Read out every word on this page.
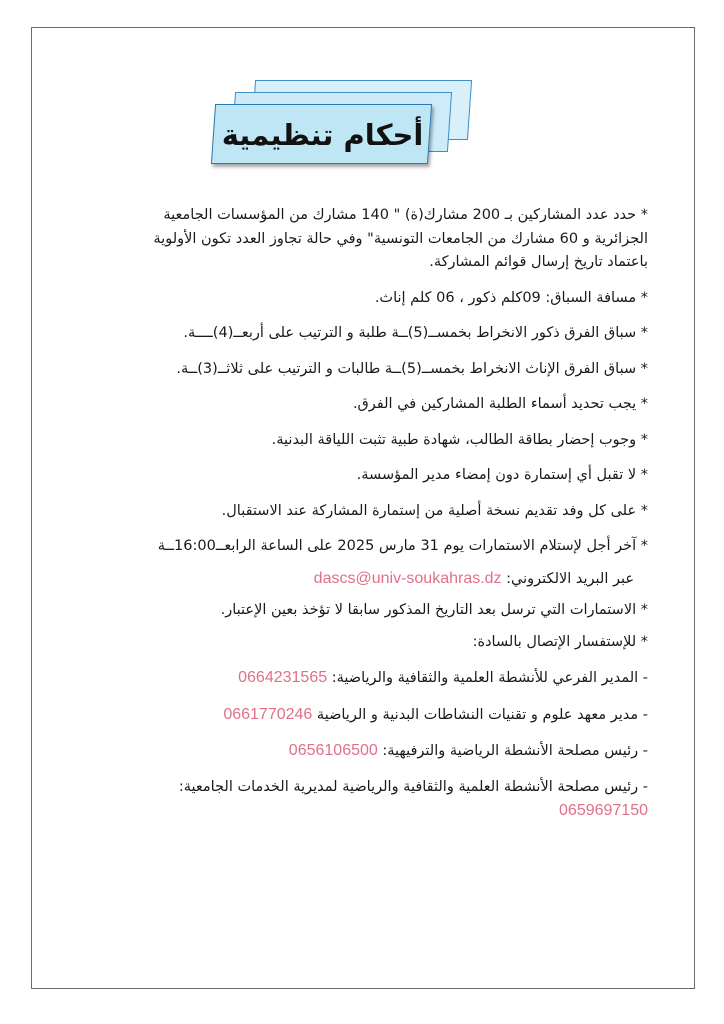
أحكام تنظيمية

* حدد عدد المشاركين بـ 200 مشارك(ة) " 140 مشارك من المؤسسات الجامعية
الجزائرية و 60 مشارك من الجامعات التونسية" وفي حالة تجاوز العدد تكون الأولوية
باعتماد تاريخ إرسال قوائم المشاركة.

* مسافة السباق: 09كلم ذكور ، 06 كلم إناث.

* سباق الفرق ذكور الانخراط بخمســ(5)ــة طلبة و الترتيب على أربعــ(4)ــــة.

* سباق الفرق الإناث الانخراط بخمســ(5)ــة طالبات و الترتيب على ثلاثــ(3)ــة.

* يجب تحديد أسماء الطلبة المشاركين في الفرق.

* وجوب إحضار بطاقة الطالب، شهادة طبية تثبت اللياقة البدنية.

* لا تقبل أي إستمارة دون إمضاء مدير المؤسسة.

* على كل وفد تقديم نسخة أصلية من إستمارة المشاركة عند الاستقبال.

* آخر أجل لإستلام الاستمارات يوم 31 مارس 2025 على الساعة الرابعــ16:00ــة

عبر البريد الالكتروني: dascs@univ-soukahras.dz

* الاستمارات التي ترسل بعد التاريخ المذكور سابقا لا تؤخذ بعين الإعتبار.

* للإستفسار الإتصال بالسادة:

- المدير الفرعي للأنشطة العلمية والثقافية والرياضية: 0664231565

- مدير معهد علوم و تقنيات النشاطات البدنية و الرياضية 0661770246

- رئيس مصلحة الأنشطة الرياضية والترفيهية: 0656106500

- رئيس مصلحة الأنشطة العلمية والثقافية والرياضية لمديرية الخدمات الجامعية:
0659697150
